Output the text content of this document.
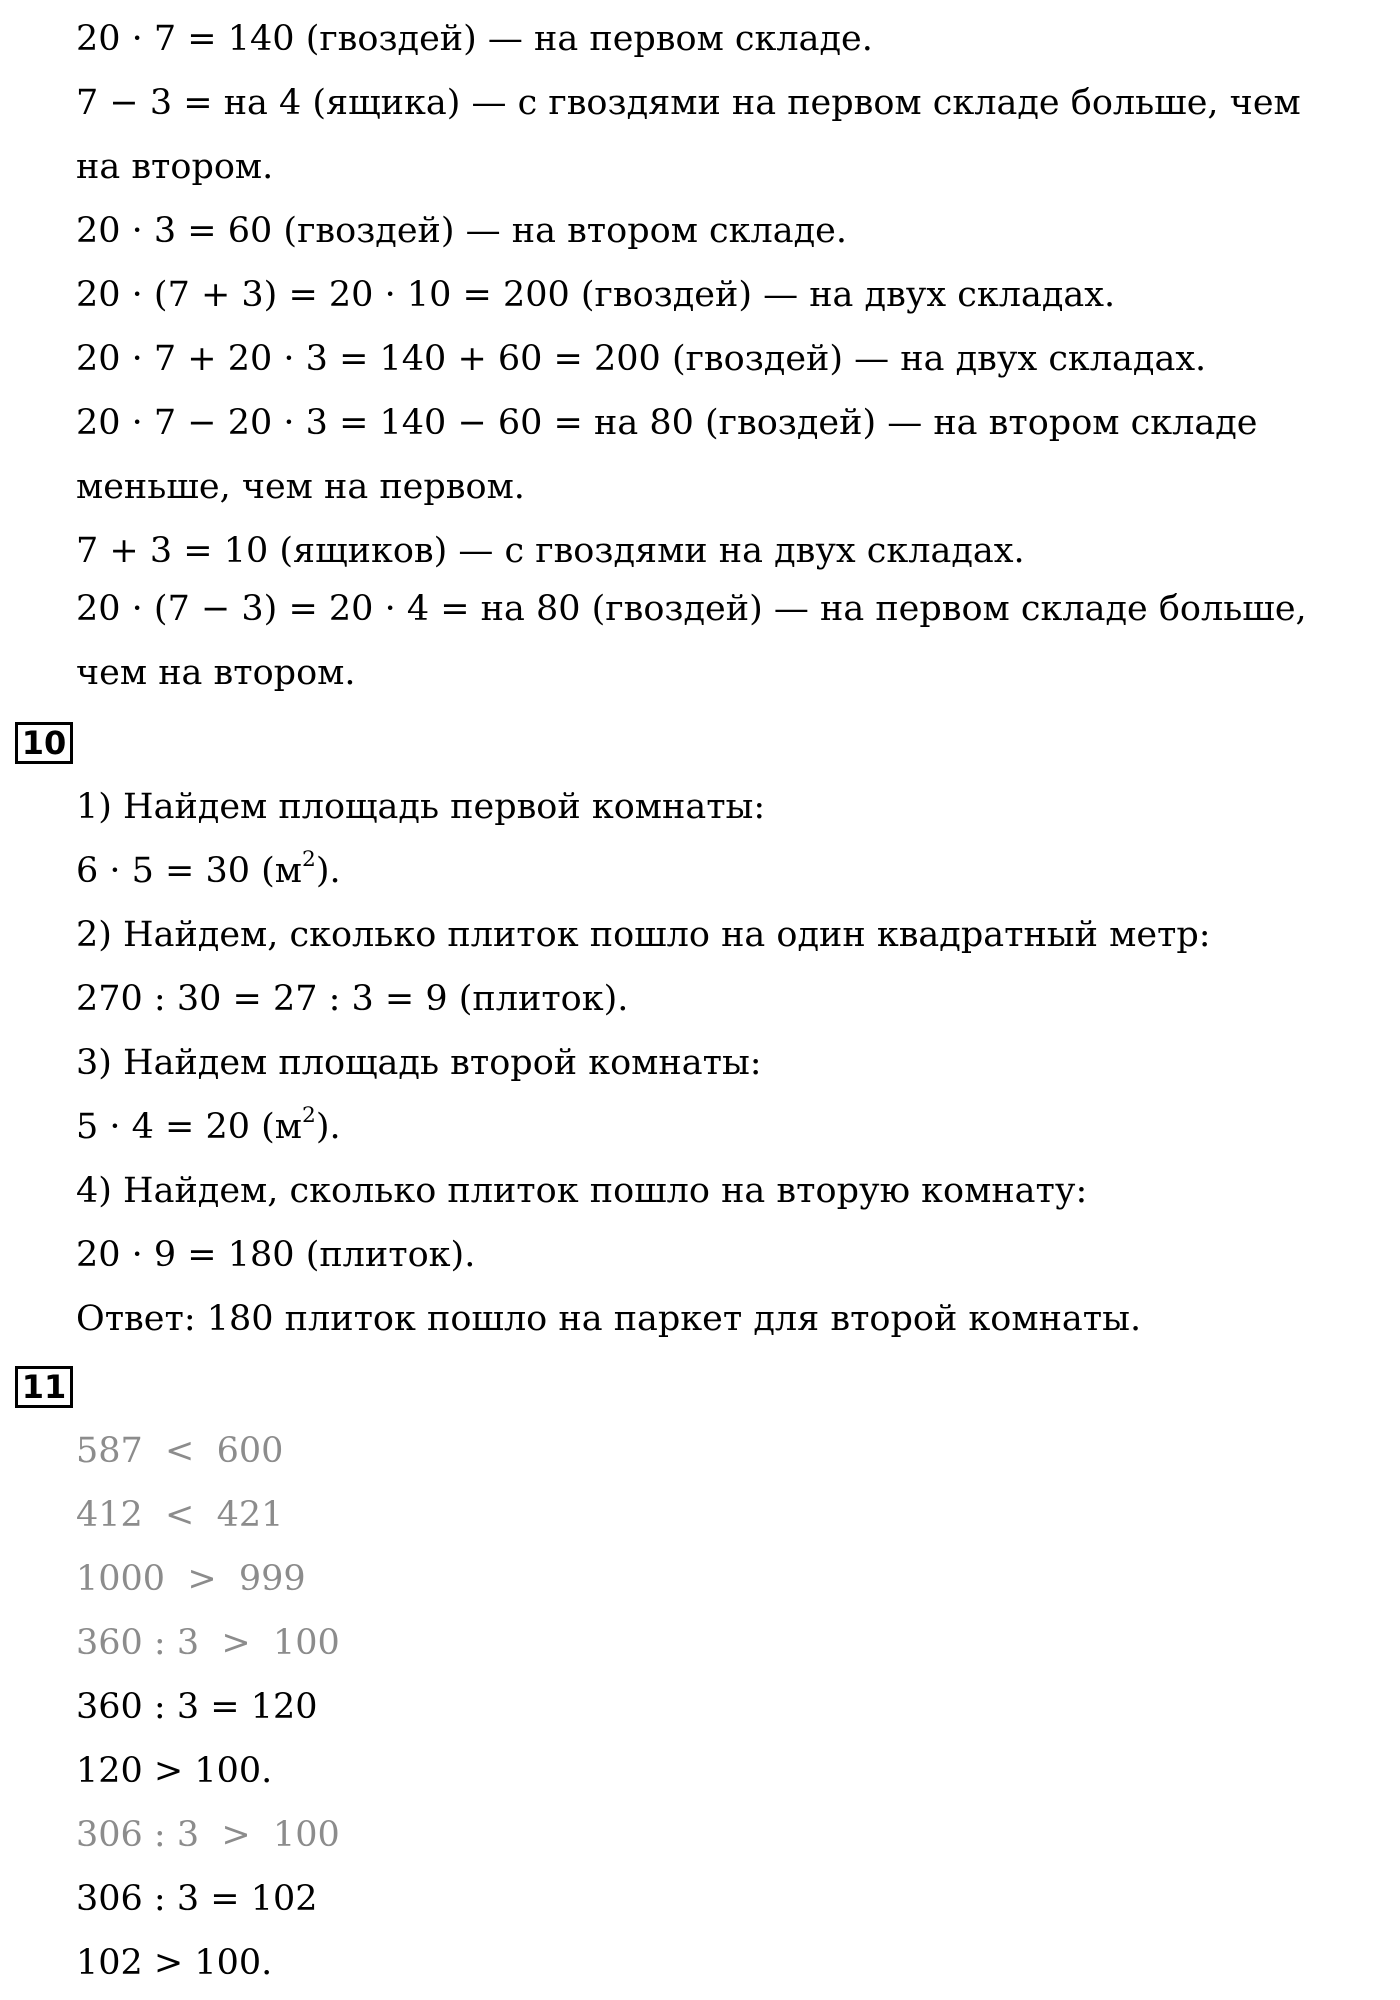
20 · 7 = 140 (гвоздей) — на первом складе.
7 − 3 = на 4 (ящика) — с гвоздями на первом складе больше, чем
на втором.
20 · 3 = 60 (гвоздей) — на втором складе.
20 · (7 + 3) = 20 · 10 = 200 (гвоздей) — на двух складах.
20 · 7 + 20 · 3 = 140 + 60 = 200 (гвоздей) — на двух складах.
20 · 7 − 20 · 3 = 140 − 60 = на 80 (гвоздей) — на втором складе
меньше, чем на первом.
7 + 3 = 10 (ящиков) — с гвоздями на двух складах.
20 · (7 − 3) = 20 · 4 = на 80 (гвоздей) — на первом складе больше,
чем на втором.
10
1) Найдем площадь первой комнаты:
6 · 5 = 30 $(м^2)$.
2) Найдем, сколько плиток пошло на один квадратный метр:
270 : 30 = 27 : 3 = 9 (плиток).
3) Найдем площадь второй комнаты:
5 · 4 = 20 $(м^2)$.
4) Найдем, сколько плиток пошло на вторую комнату:
20 · 9 = 180 (плиток).
Ответ: 180 плиток пошло на паркет для второй комнаты.
11
587  <  600
412  <  421
1000  >  999
360 : 3  >  100
360 : 3 = 120
120 > 100.
306 : 3  >  100
306 : 3 = 102
102 > 100.
